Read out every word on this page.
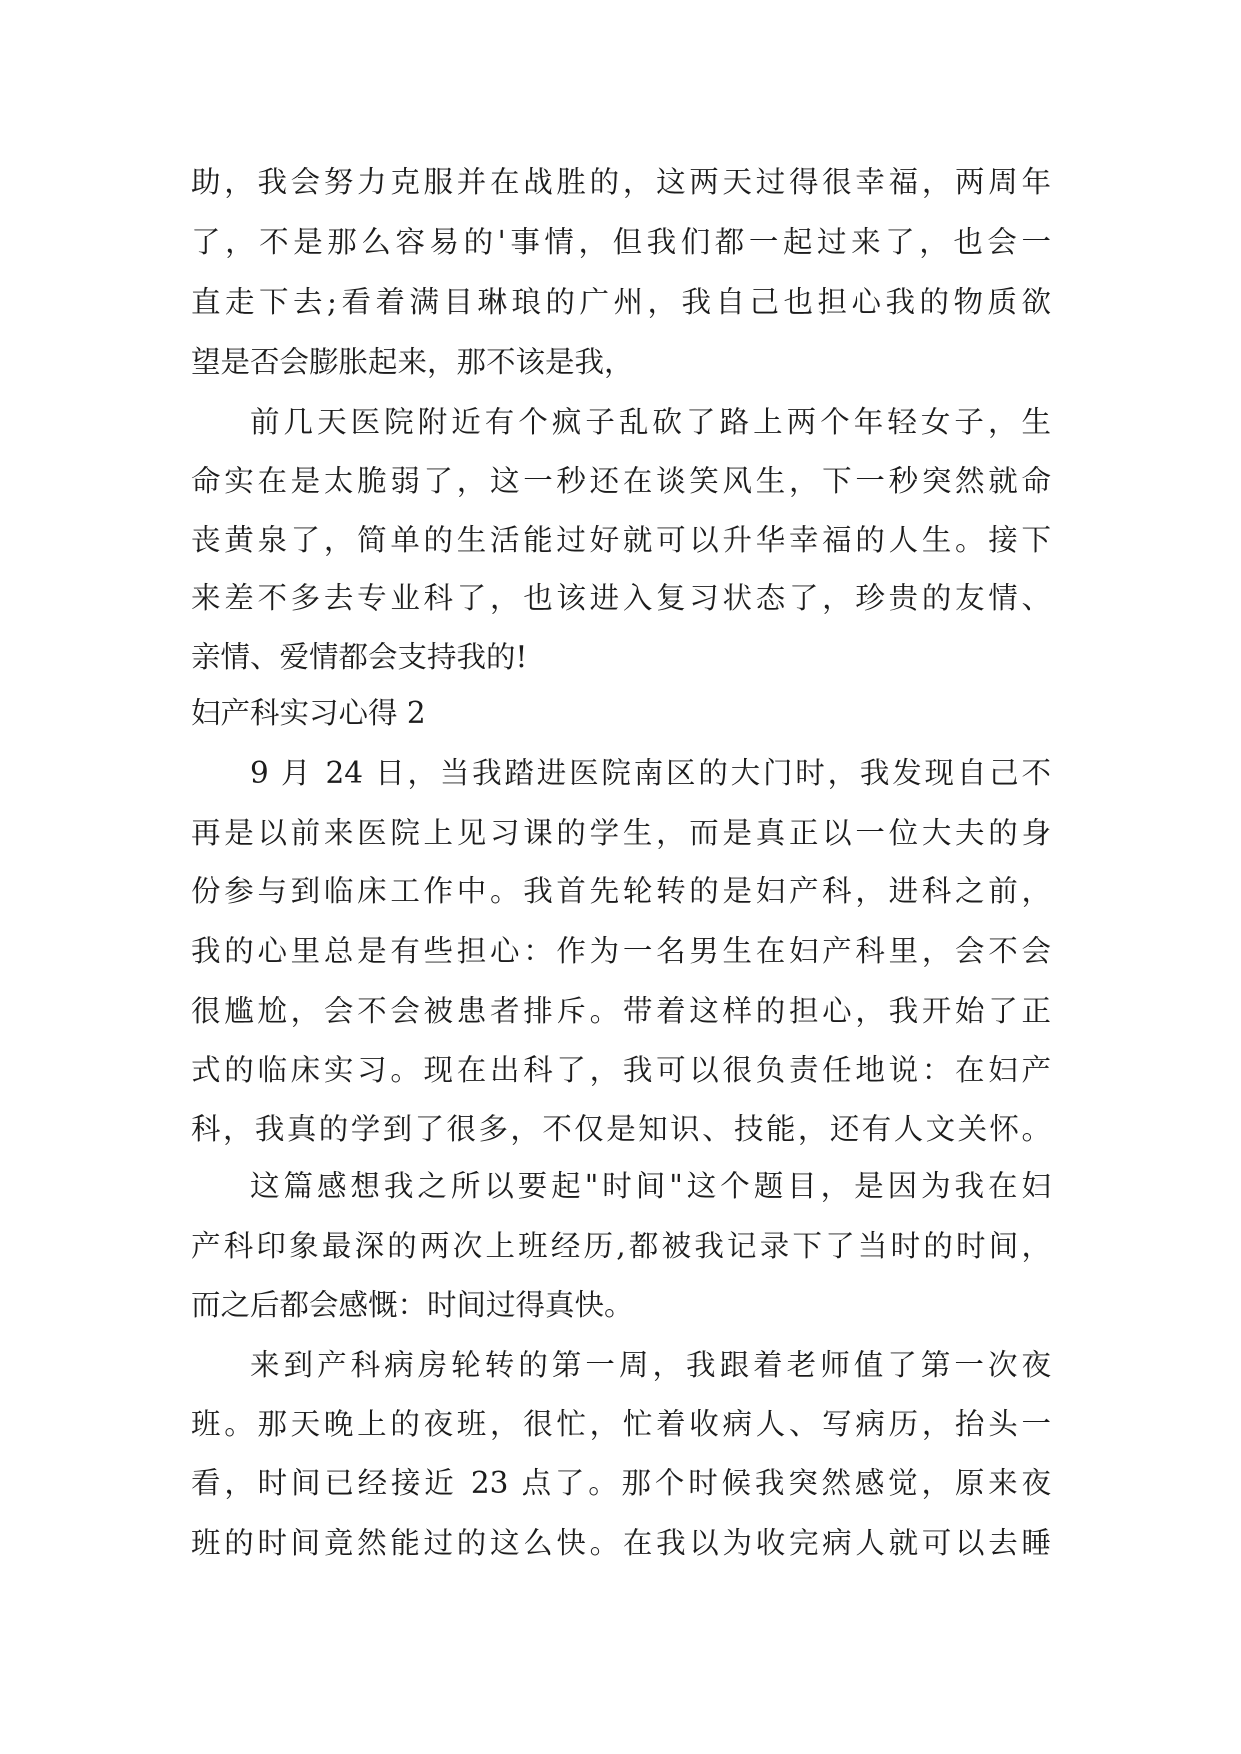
助，我会努力克服并在战胜的，这两天过得很幸福，两周年

了，不是那么容易的'事情，但我们都一起过来了，也会一

直走下去;看着满目琳琅的广州，我自己也担心我的物质欲

望是否会膨胀起来，那不该是我，

前几天医院附近有个疯子乱砍了路上两个年轻女子，生

命实在是太脆弱了，这一秒还在谈笑风生，下一秒突然就命

丧黄泉了，简单的生活能过好就可以升华幸福的人生。接下

来差不多去专业科了，也该进入复习状态了，珍贵的友情、

亲情、爱情都会支持我的!

妇产科实习心得 2

9 月 24 日，当我踏进医院南区的大门时，我发现自己不

再是以前来医院上见习课的学生，而是真正以一位大夫的身

份参与到临床工作中。我首先轮转的是妇产科，进科之前，

我的心里总是有些担心：作为一名男生在妇产科里，会不会

很尴尬，会不会被患者排斥。带着这样的担心，我开始了正

式的临床实习。现在出科了，我可以很负责任地说：在妇产

科，我真的学到了很多，不仅是知识、技能，还有人文关怀。

这篇感想我之所以要起"时间"这个题目，是因为我在妇

产科印象最深的两次上班经历,都被我记录下了当时的时间，

而之后都会感慨：时间过得真快。

来到产科病房轮转的第一周，我跟着老师值了第一次夜

班。那天晚上的夜班，很忙，忙着收病人、写病历，抬头一

看，时间已经接近 23 点了。那个时候我突然感觉，原来夜

班的时间竟然能过的这么快。在我以为收完病人就可以去睡
